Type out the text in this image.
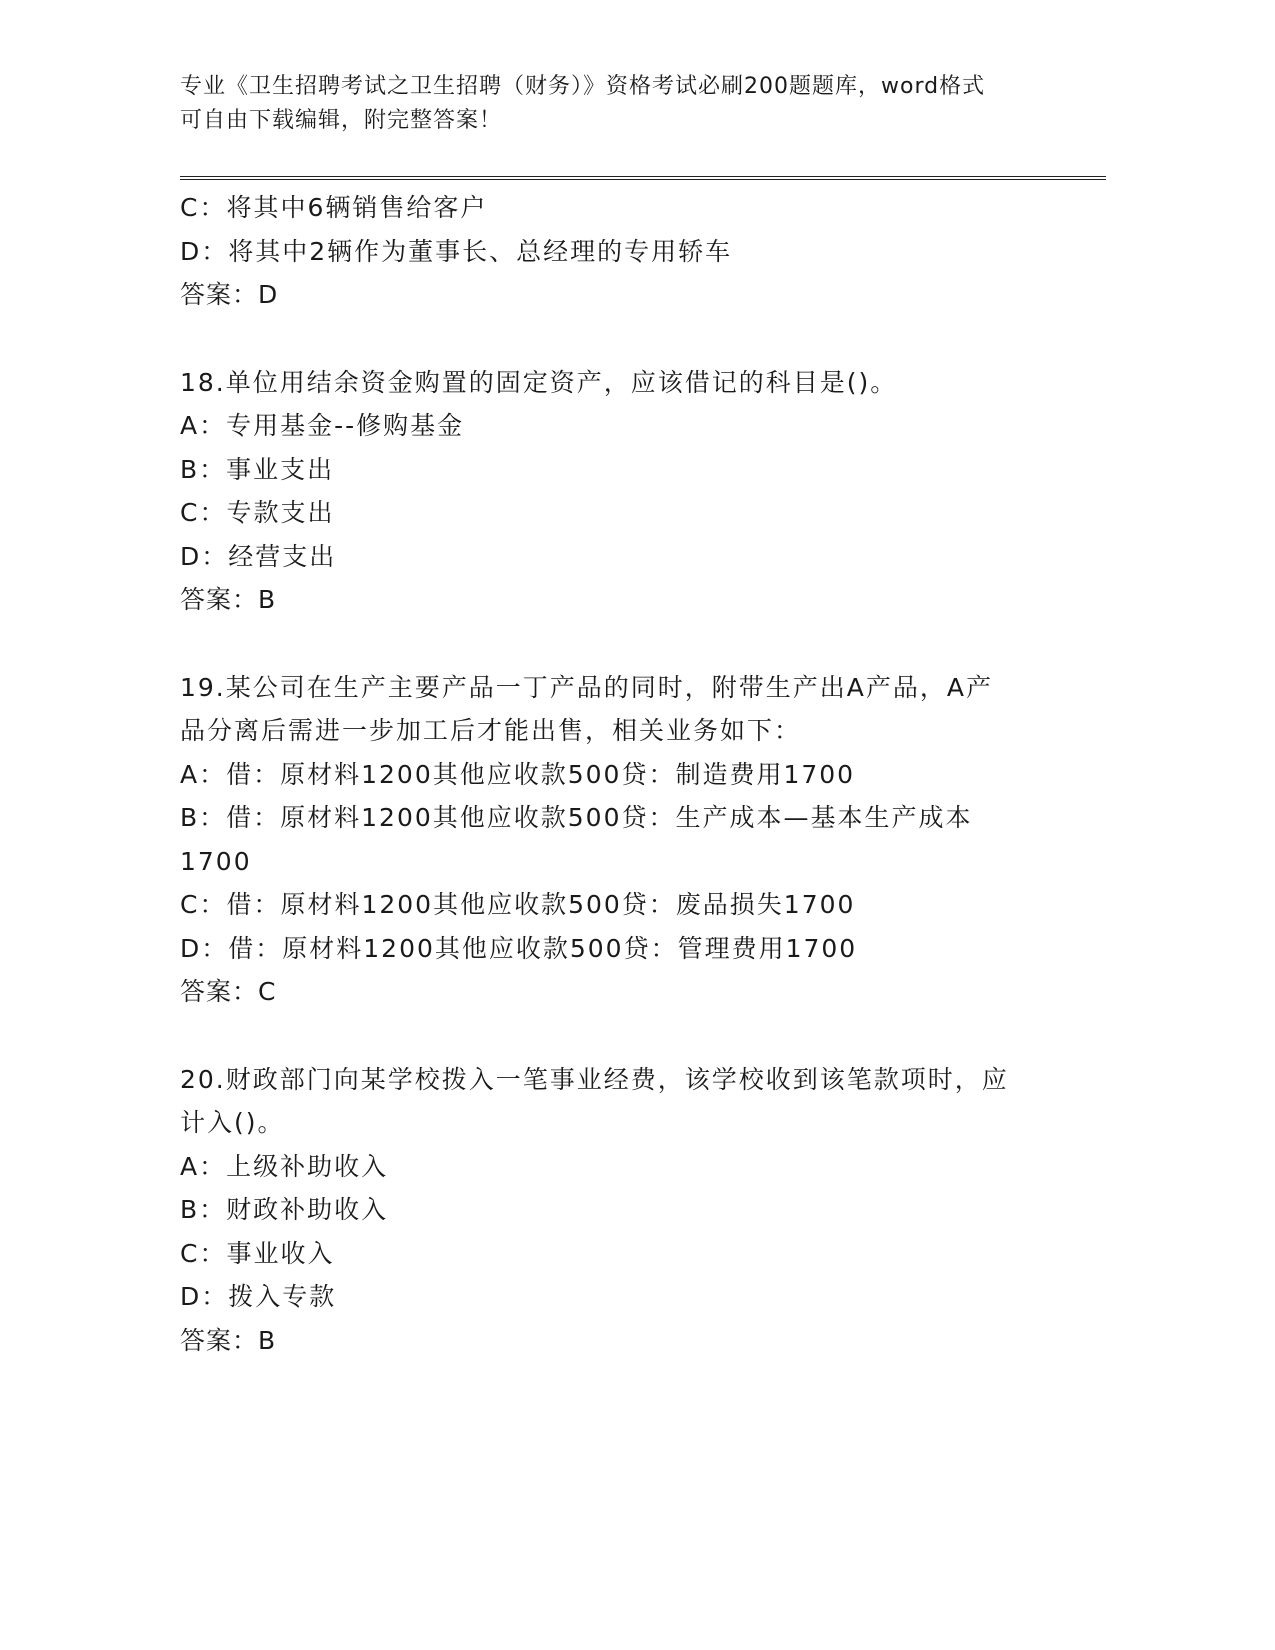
专业《卫生招聘考试之卫生招聘（财务）》资格考试必刷200题题库，word格式
可自由下载编辑，附完整答案！
C：将其中6辆销售给客户
D：将其中2辆作为董事长、总经理的专用轿车
答案：D
18.单位用结余资金购置的固定资产，应该借记的科目是()。
A：专用基金--修购基金
B：事业支出
C：专款支出
D：经营支出
答案：B
19.某公司在生产主要产品一丁产品的同时，附带生产出A产品，A产
品分离后需进一步加工后才能出售，相关业务如下：
A：借：原材料1200其他应收款500贷：制造费用1700
B：借：原材料1200其他应收款500贷：生产成本—基本生产成本
1700
C：借：原材料1200其他应收款500贷：废品损失1700
D：借：原材料1200其他应收款500贷：管理费用1700
答案：C
20.财政部门向某学校拨入一笔事业经费，该学校收到该笔款项时，应
计入()。
A：上级补助收入
B：财政补助收入
C：事业收入
D：拨入专款
答案：B
